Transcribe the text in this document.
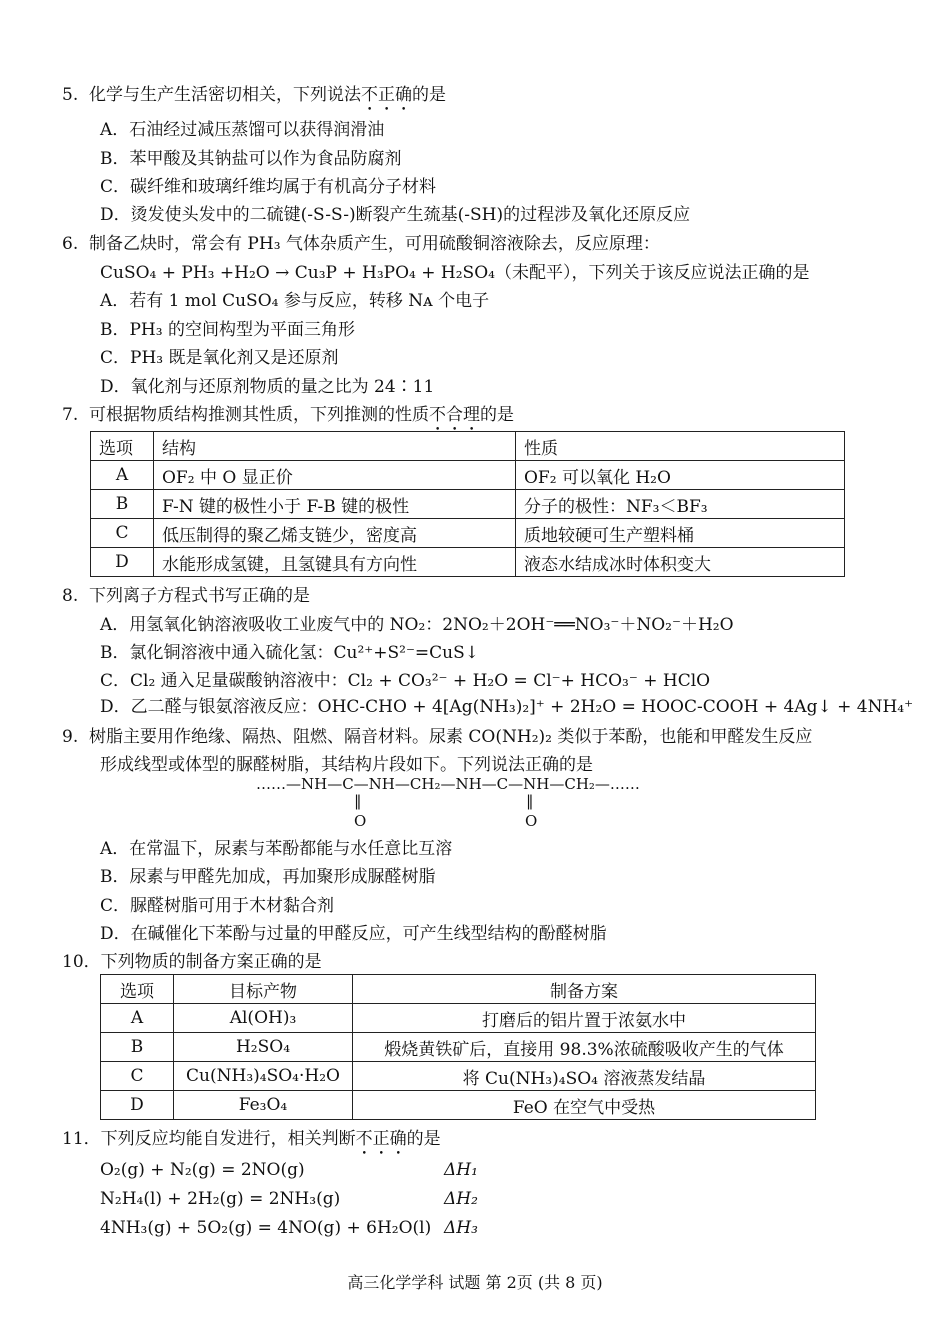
5.  化学与生产生活密切相关，下列说法不正确的是
A．石油经过减压蒸馏可以获得润滑油
B．苯甲酸及其钠盐可以作为食品防腐剂
C．碳纤维和玻璃纤维均属于有机高分子材料
D．烫发使头发中的二硫键(-S-S-)断裂产生巯基(-SH)的过程涉及氧化还原反应
6.  制备乙炔时，常会有 PH₃ 气体杂质产生，可用硫酸铜溶液除去，反应原理：
CuSO₄ + PH₃ +H₂O → Cu₃P + H₃PO₄ + H₂SO₄（未配平），下列关于该反应说法正确的是
A．若有 1 mol CuSO₄ 参与反应，转移 Nᴀ 个电子
B．PH₃ 的空间构型为平面三角形
C．PH₃ 既是氧化剂又是还原剂
D．氧化剂与还原剂物质的量之比为 24∶11
7.  可根据物质结构推测其性质，下列推测的性质不合理的是
选项	结构	性质
A	OF₂ 中 O 显正价	OF₂ 可以氧化 H₂O
B	F-N 键的极性小于 F-B 键的极性	分子的极性：NF₃＜BF₃
C	低压制得的聚乙烯支链少，密度高	质地较硬可生产塑料桶
D	水能形成氢键，且氢键具有方向性	液态水结成冰时体积变大
8.  下列离子方程式书写正确的是
A．用氢氧化钠溶液吸收工业废气中的 NO₂：2NO₂＋2OH⁻══NO₃⁻＋NO₂⁻＋H₂O
B．氯化铜溶液中通入硫化氢：Cu²⁺+S²⁻=CuS↓
C．Cl₂ 通入足量碳酸钠溶液中：Cl₂ + CO₃²⁻ + H₂O = Cl⁻+ HCO₃⁻ + HClO
D．乙二醛与银氨溶液反应：OHC-CHO + 4[Ag(NH₃)₂]⁺ + 2H₂O = HOOC-COOH + 4Ag↓ + 4NH₄⁺
9.  树脂主要用作绝缘、隔热、阻燃、隔音材料。尿素 CO(NH₂)₂ 类似于苯酚，也能和甲醛发生反应
形成线型或体型的脲醛树脂，其结构片段如下。下列说法正确的是
……—NH—C—NH—CH₂—NH—C—NH—CH₂—……
‖
O
‖
O
A．在常温下，尿素与苯酚都能与水任意比互溶
B．尿素与甲醛先加成，再加聚形成脲醛树脂
C．脲醛树脂可用于木材黏合剂
D．在碱催化下苯酚与过量的甲醛反应，可产生线型结构的酚醛树脂
10．下列物质的制备方案正确的是
选项	目标产物	制备方案
A	Al(OH)₃	打磨后的铝片置于浓氨水中
B	H₂SO₄	煅烧黄铁矿后，直接用 98.3%浓硫酸吸收产生的气体
C	Cu(NH₃)₄SO₄·H₂O	将 Cu(NH₃)₄SO₄ 溶液蒸发结晶
D	Fe₃O₄	FeO 在空气中受热
11．下列反应均能自发进行，相关判断不正确的是
O₂(g) + N₂(g) = 2NO(g)	ΔH₁
N₂H₄(l) + 2H₂(g) = 2NH₃(g)	ΔH₂
4NH₃(g) + 5O₂(g) = 4NO(g) + 6H₂O(l) ΔH₃
高三化学学科 试题 第 2页 (共 8 页)
